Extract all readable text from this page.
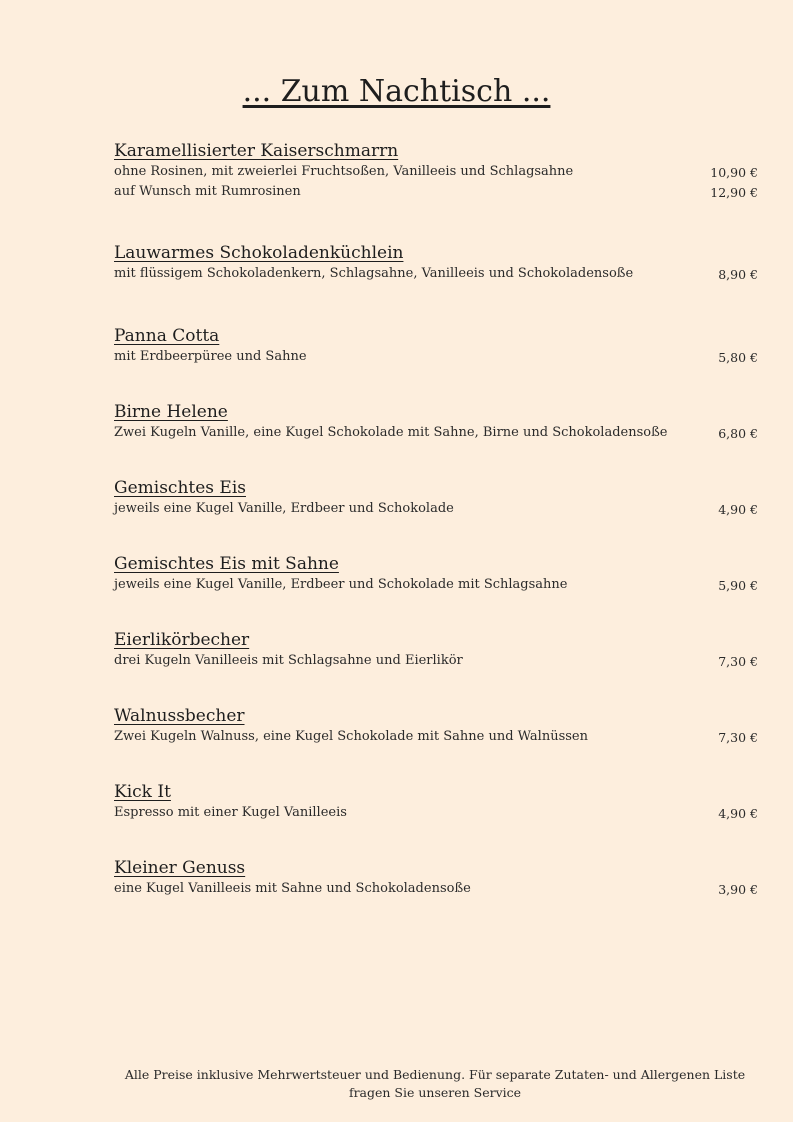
... Zum Nachtisch ...
Karamellisierter Kaiserschmarrn
ohne Rosinen, mit zweierlei Fruchtsoßen, Vanilleeis und Schlagsahne	10,90 €
auf Wunsch mit Rumrosinen	12,90 €
Lauwarmes Schokoladenküchlein
mit flüssigem Schokoladenkern, Schlagsahne, Vanilleeis und Schokoladensoße	8,90 €
Panna Cotta
mit Erdbeerpüree und Sahne	5,80 €
Birne Helene
Zwei Kugeln Vanille, eine Kugel Schokolade mit Sahne, Birne und Schokoladensoße	6,80 €
Gemischtes Eis
jeweils eine Kugel Vanille, Erdbeer und Schokolade	4,90 €
Gemischtes Eis mit Sahne
jeweils eine Kugel Vanille, Erdbeer und Schokolade mit Schlagsahne	5,90 €
Eierlikörbecher
drei Kugeln Vanilleeis mit Schlagsahne und Eierlikör	7,30 €
Walnussbecher
Zwei Kugeln Walnuss, eine Kugel Schokolade mit Sahne und Walnüssen	7,30 €
Kick It
Espresso mit einer Kugel Vanilleeis	4,90 €
Kleiner Genuss
eine Kugel Vanilleeis mit Sahne und Schokoladensoße	3,90 €
Alle Preise inklusive Mehrwertsteuer und Bedienung. Für separate Zutaten- und Allergenen Liste
fragen Sie unseren Service
